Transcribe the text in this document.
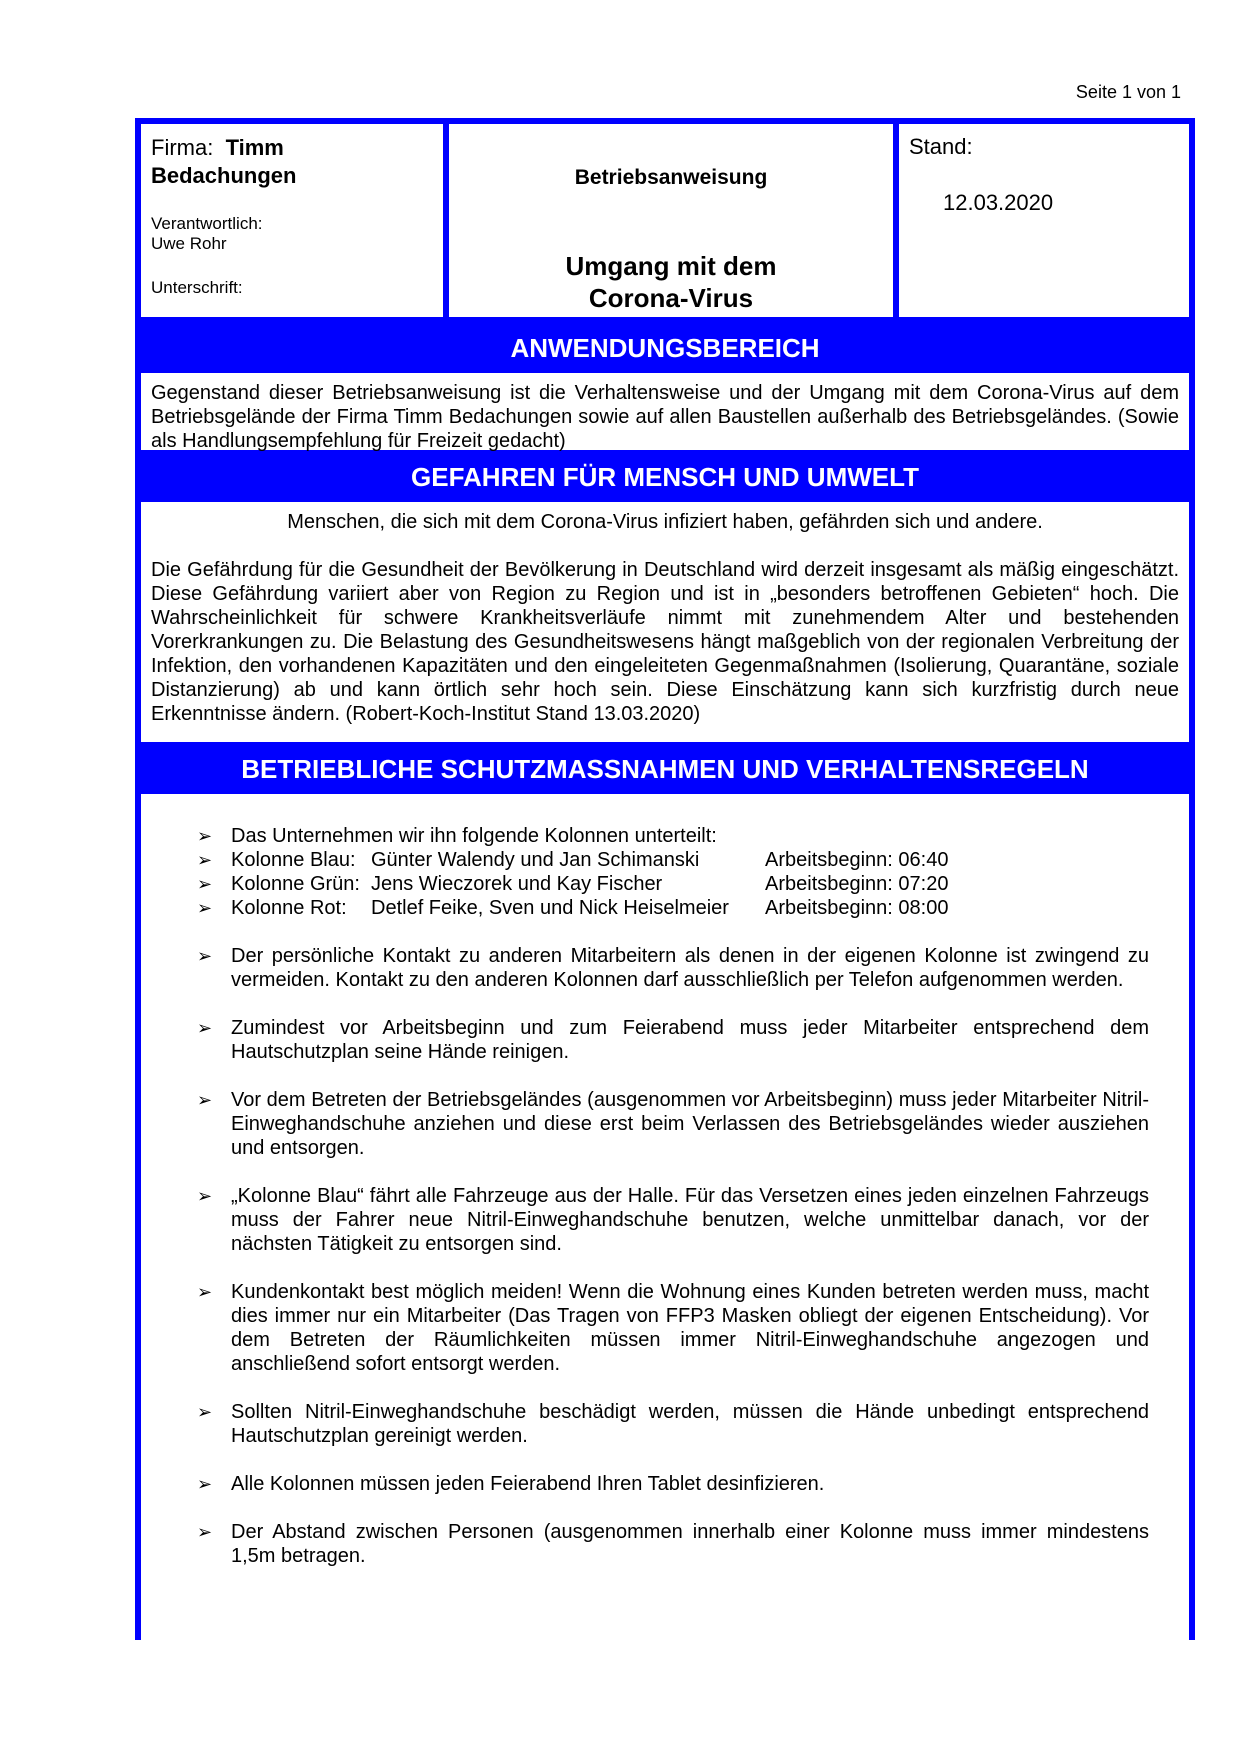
Seite 1 von 1
Firma: Timm
Bedachungen
Verantwortlich:
Uwe Rohr
Unterschrift:
Betriebsanweisung
Umgang mit dem
Corona-Virus
Stand:
12.03.2020
ANWENDUNGSBEREICH
Gegenstand dieser Betriebsanweisung ist die Verhaltensweise und der Umgang mit dem Corona-Virus auf dem Betriebsgelände der Firma Timm Bedachungen sowie auf allen Baustellen außerhalb des Betriebsgeländes. (Sowie als Handlungsempfehlung für Freizeit gedacht)
GEFAHREN FÜR MENSCH UND UMWELT
Menschen, die sich mit dem Corona-Virus infiziert haben, gefährden sich und andere.
Die Gefährdung für die Gesundheit der Bevölkerung in Deutschland wird derzeit insgesamt als mäßig eingeschätzt. Diese Gefährdung variiert aber von Region zu Region und ist in „besonders betroffenen Gebieten“ hoch. Die Wahrscheinlichkeit für schwere Krankheitsverläufe nimmt mit zunehmendem Alter und bestehenden Vorerkrankungen zu. Die Belastung des Gesundheitswesens hängt maßgeblich von der regionalen Verbreitung der Infektion, den vorhandenen Kapazitäten und den eingeleiteten Gegenmaßnahmen (Isolierung, Quarantäne, soziale Distanzierung) ab und kann örtlich sehr hoch sein. Diese Einschätzung kann sich kurzfristig durch neue Erkenntnisse ändern. (Robert-Koch-Institut Stand 13.03.2020)
BETRIEBLICHE SCHUTZMASSNAHMEN UND VERHALTENSREGELN
➢ Das Unternehmen wir ihn folgende Kolonnen unterteilt:
➢ Kolonne Blau: Günter Walendy und Jan Schimanski	Arbeitsbeginn: 06:40
➢ Kolonne Grün: Jens Wieczorek und Kay Fischer	Arbeitsbeginn: 07:20
➢ Kolonne Rot:	Detlef Feike, Sven und Nick Heiselmeier	Arbeitsbeginn: 08:00
➢ Der persönliche Kontakt zu anderen Mitarbeitern als denen in der eigenen Kolonne ist zwingend zu vermeiden. Kontakt zu den anderen Kolonnen darf ausschließlich per Telefon aufgenommen werden.
➢ Zumindest vor Arbeitsbeginn und zum Feierabend muss jeder Mitarbeiter entsprechend dem Hautschutzplan seine Hände reinigen.
➢ Vor dem Betreten der Betriebsgeländes (ausgenommen vor Arbeitsbeginn) muss jeder Mitarbeiter Nitril-Einweghandschuhe anziehen und diese erst beim Verlassen des Betriebsgeländes wieder ausziehen und entsorgen.
➢ „Kolonne Blau“ fährt alle Fahrzeuge aus der Halle. Für das Versetzen eines jeden einzelnen Fahrzeugs muss der Fahrer neue Nitril-Einweghandschuhe benutzen, welche unmittelbar danach, vor der nächsten Tätigkeit zu entsorgen sind.
➢ Kundenkontakt best möglich meiden! Wenn die Wohnung eines Kunden betreten werden muss, macht dies immer nur ein Mitarbeiter (Das Tragen von FFP3 Masken obliegt der eigenen Entscheidung). Vor dem Betreten der Räumlichkeiten müssen immer Nitril-Einweghandschuhe angezogen und anschließend sofort entsorgt werden.
➢ Sollten Nitril-Einweghandschuhe beschädigt werden, müssen die Hände unbedingt entsprechend Hautschutzplan gereinigt werden.
➢ Alle Kolonnen müssen jeden Feierabend Ihren Tablet desinfizieren.
➢ Der Abstand zwischen Personen (ausgenommen innerhalb einer Kolonne muss immer mindestens 1,5m betragen.
